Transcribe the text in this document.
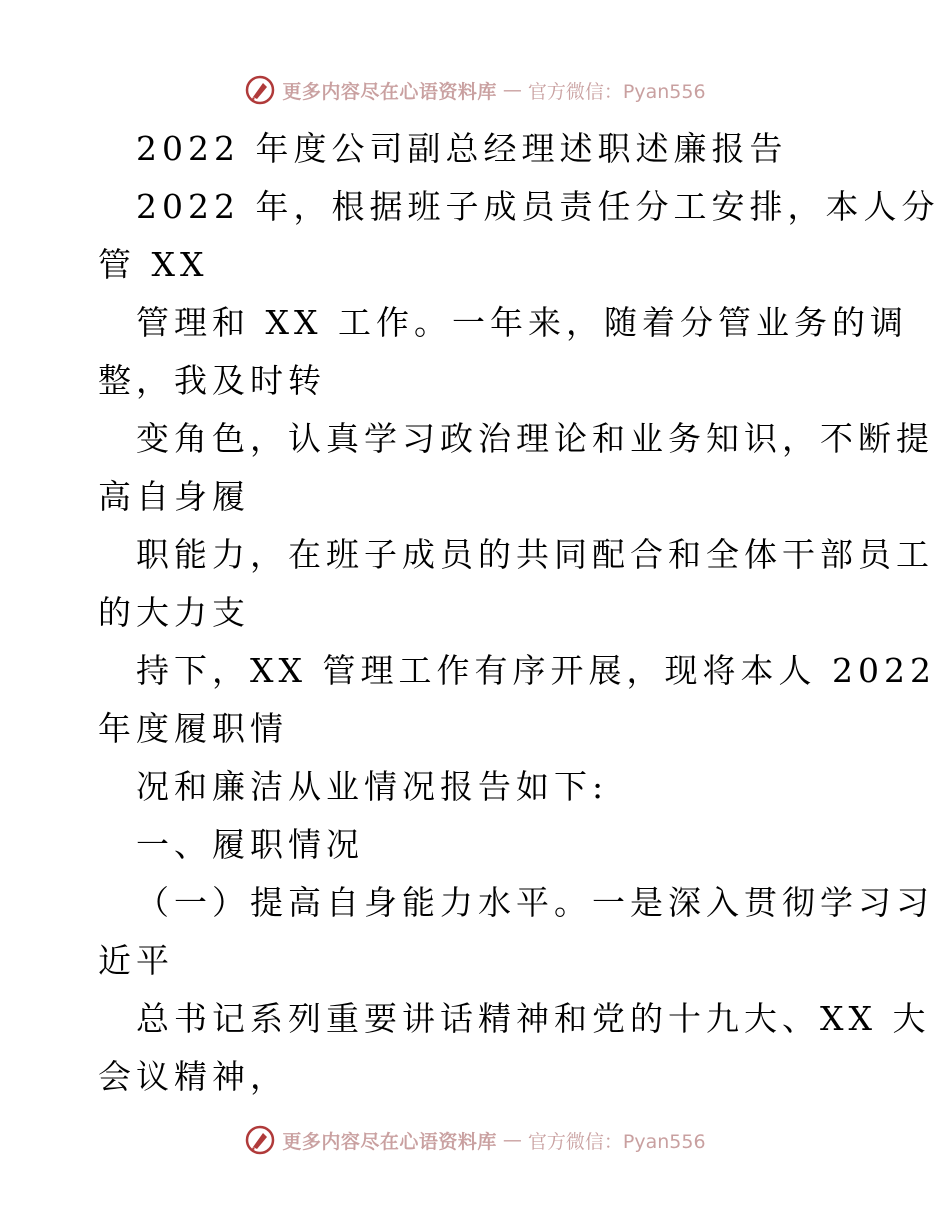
更多内容尽在心语资料库 — 官方微信：Pyan556
2022 年度公司副总经理述职述廉报告
2022 年，根据班子成员责任分工安排，本人分
管 XX
管理和 XX 工作。一年来，随着分管业务的调
整，我及时转
变角色，认真学习政治理论和业务知识，不断提
高自身履
职能力，在班子成员的共同配合和全体干部员工
的大力支
持下，XX 管理工作有序开展，现将本人 2022
年度履职情
况和廉洁从业情况报告如下:
一、履职情况
（一）提高自身能力水平。一是深入贯彻学习习
近平
总书记系列重要讲话精神和党的十九大、XX 大
会议精神，
更多内容尽在心语资料库 — 官方微信：Pyan556
